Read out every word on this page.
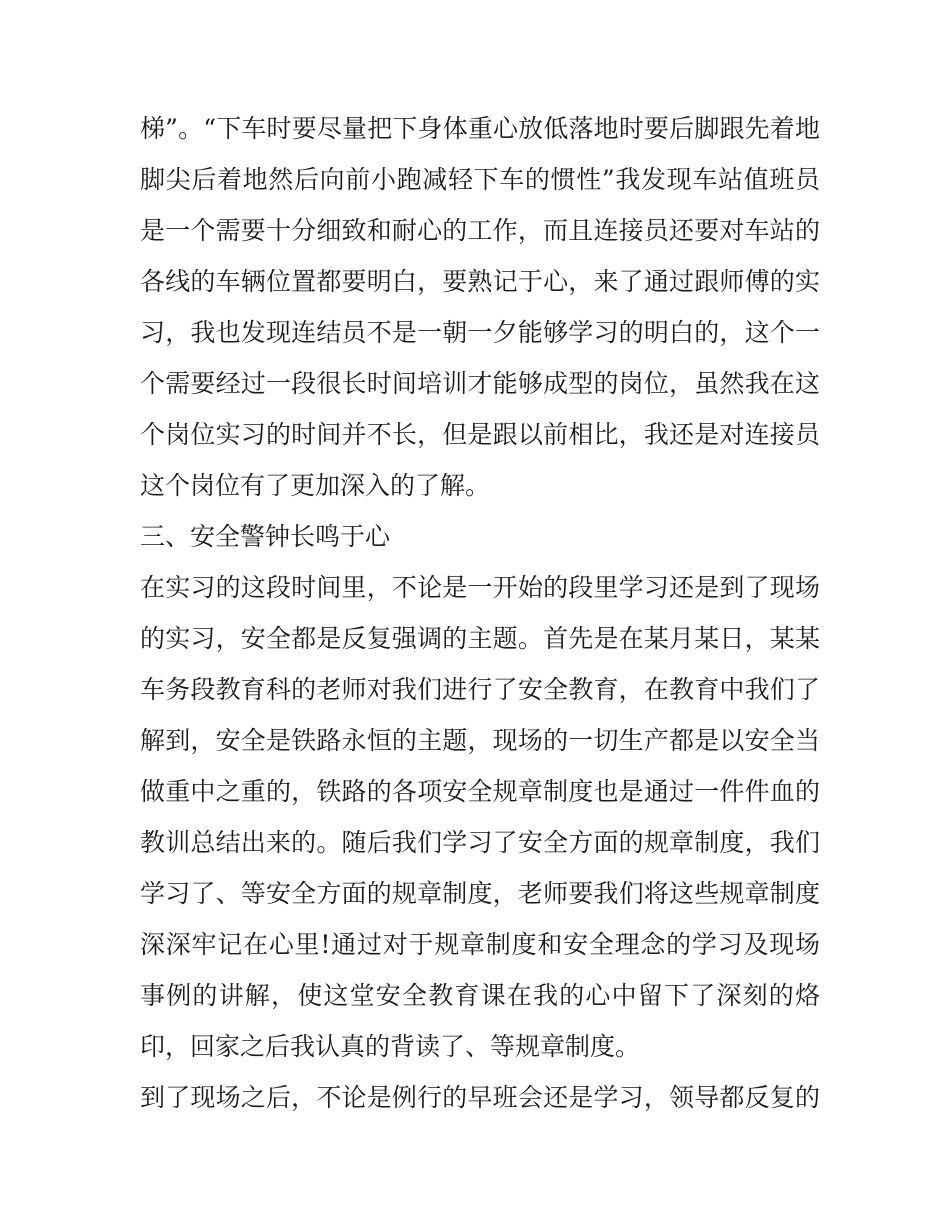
梯”。“下车时要尽量把下身体重心放低落地时要后脚跟先着地
脚尖后着地然后向前小跑减轻下车的惯性”我发现车站值班员
是一个需要十分细致和耐心的工作，而且连接员还要对车站的
各线的车辆位置都要明白，要熟记于心，来了通过跟师傅的实
习，我也发现连结员不是一朝一夕能够学习的明白的，这个一
个需要经过一段很长时间培训才能够成型的岗位，虽然我在这
个岗位实习的时间并不长，但是跟以前相比，我还是对连接员
这个岗位有了更加深入的了解。
三、安全警钟长鸣于心
在实习的这段时间里，不论是一开始的段里学习还是到了现场
的实习，安全都是反复强调的主题。首先是在某月某日，某某
车务段教育科的老师对我们进行了安全教育，在教育中我们了
解到，安全是铁路永恒的主题，现场的一切生产都是以安全当
做重中之重的，铁路的各项安全规章制度也是通过一件件血的
教训总结出来的。随后我们学习了安全方面的规章制度，我们
学习了、等安全方面的规章制度，老师要我们将这些规章制度
深深牢记在心里!通过对于规章制度和安全理念的学习及现场
事例的讲解，使这堂安全教育课在我的心中留下了深刻的烙
印，回家之后我认真的背读了、等规章制度。
到了现场之后，不论是例行的早班会还是学习，领导都反复的
